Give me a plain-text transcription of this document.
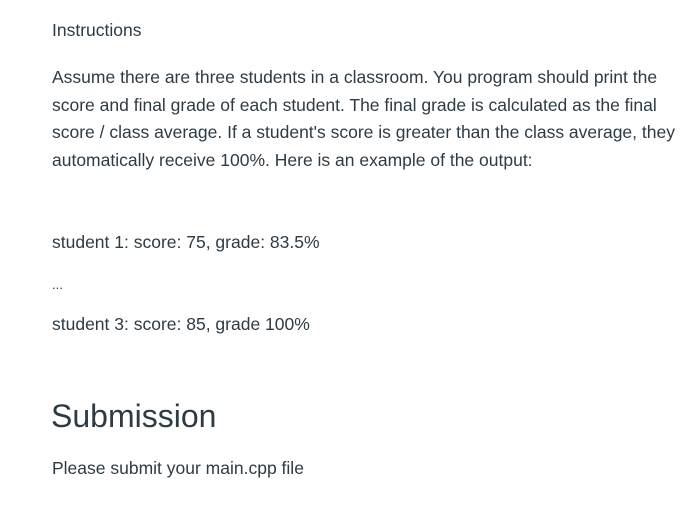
Instructions

Assume there are three students in a classroom. You program should print the score and final grade of each student. The final grade is calculated as the final score / class average. If a student's score is greater than the class average, they automatically receive 100%. Here is an example of the output:

student 1: score: 75, grade: 83.5%

...

student 3: score: 85, grade 100%

Submission

Please submit your main.cpp file
